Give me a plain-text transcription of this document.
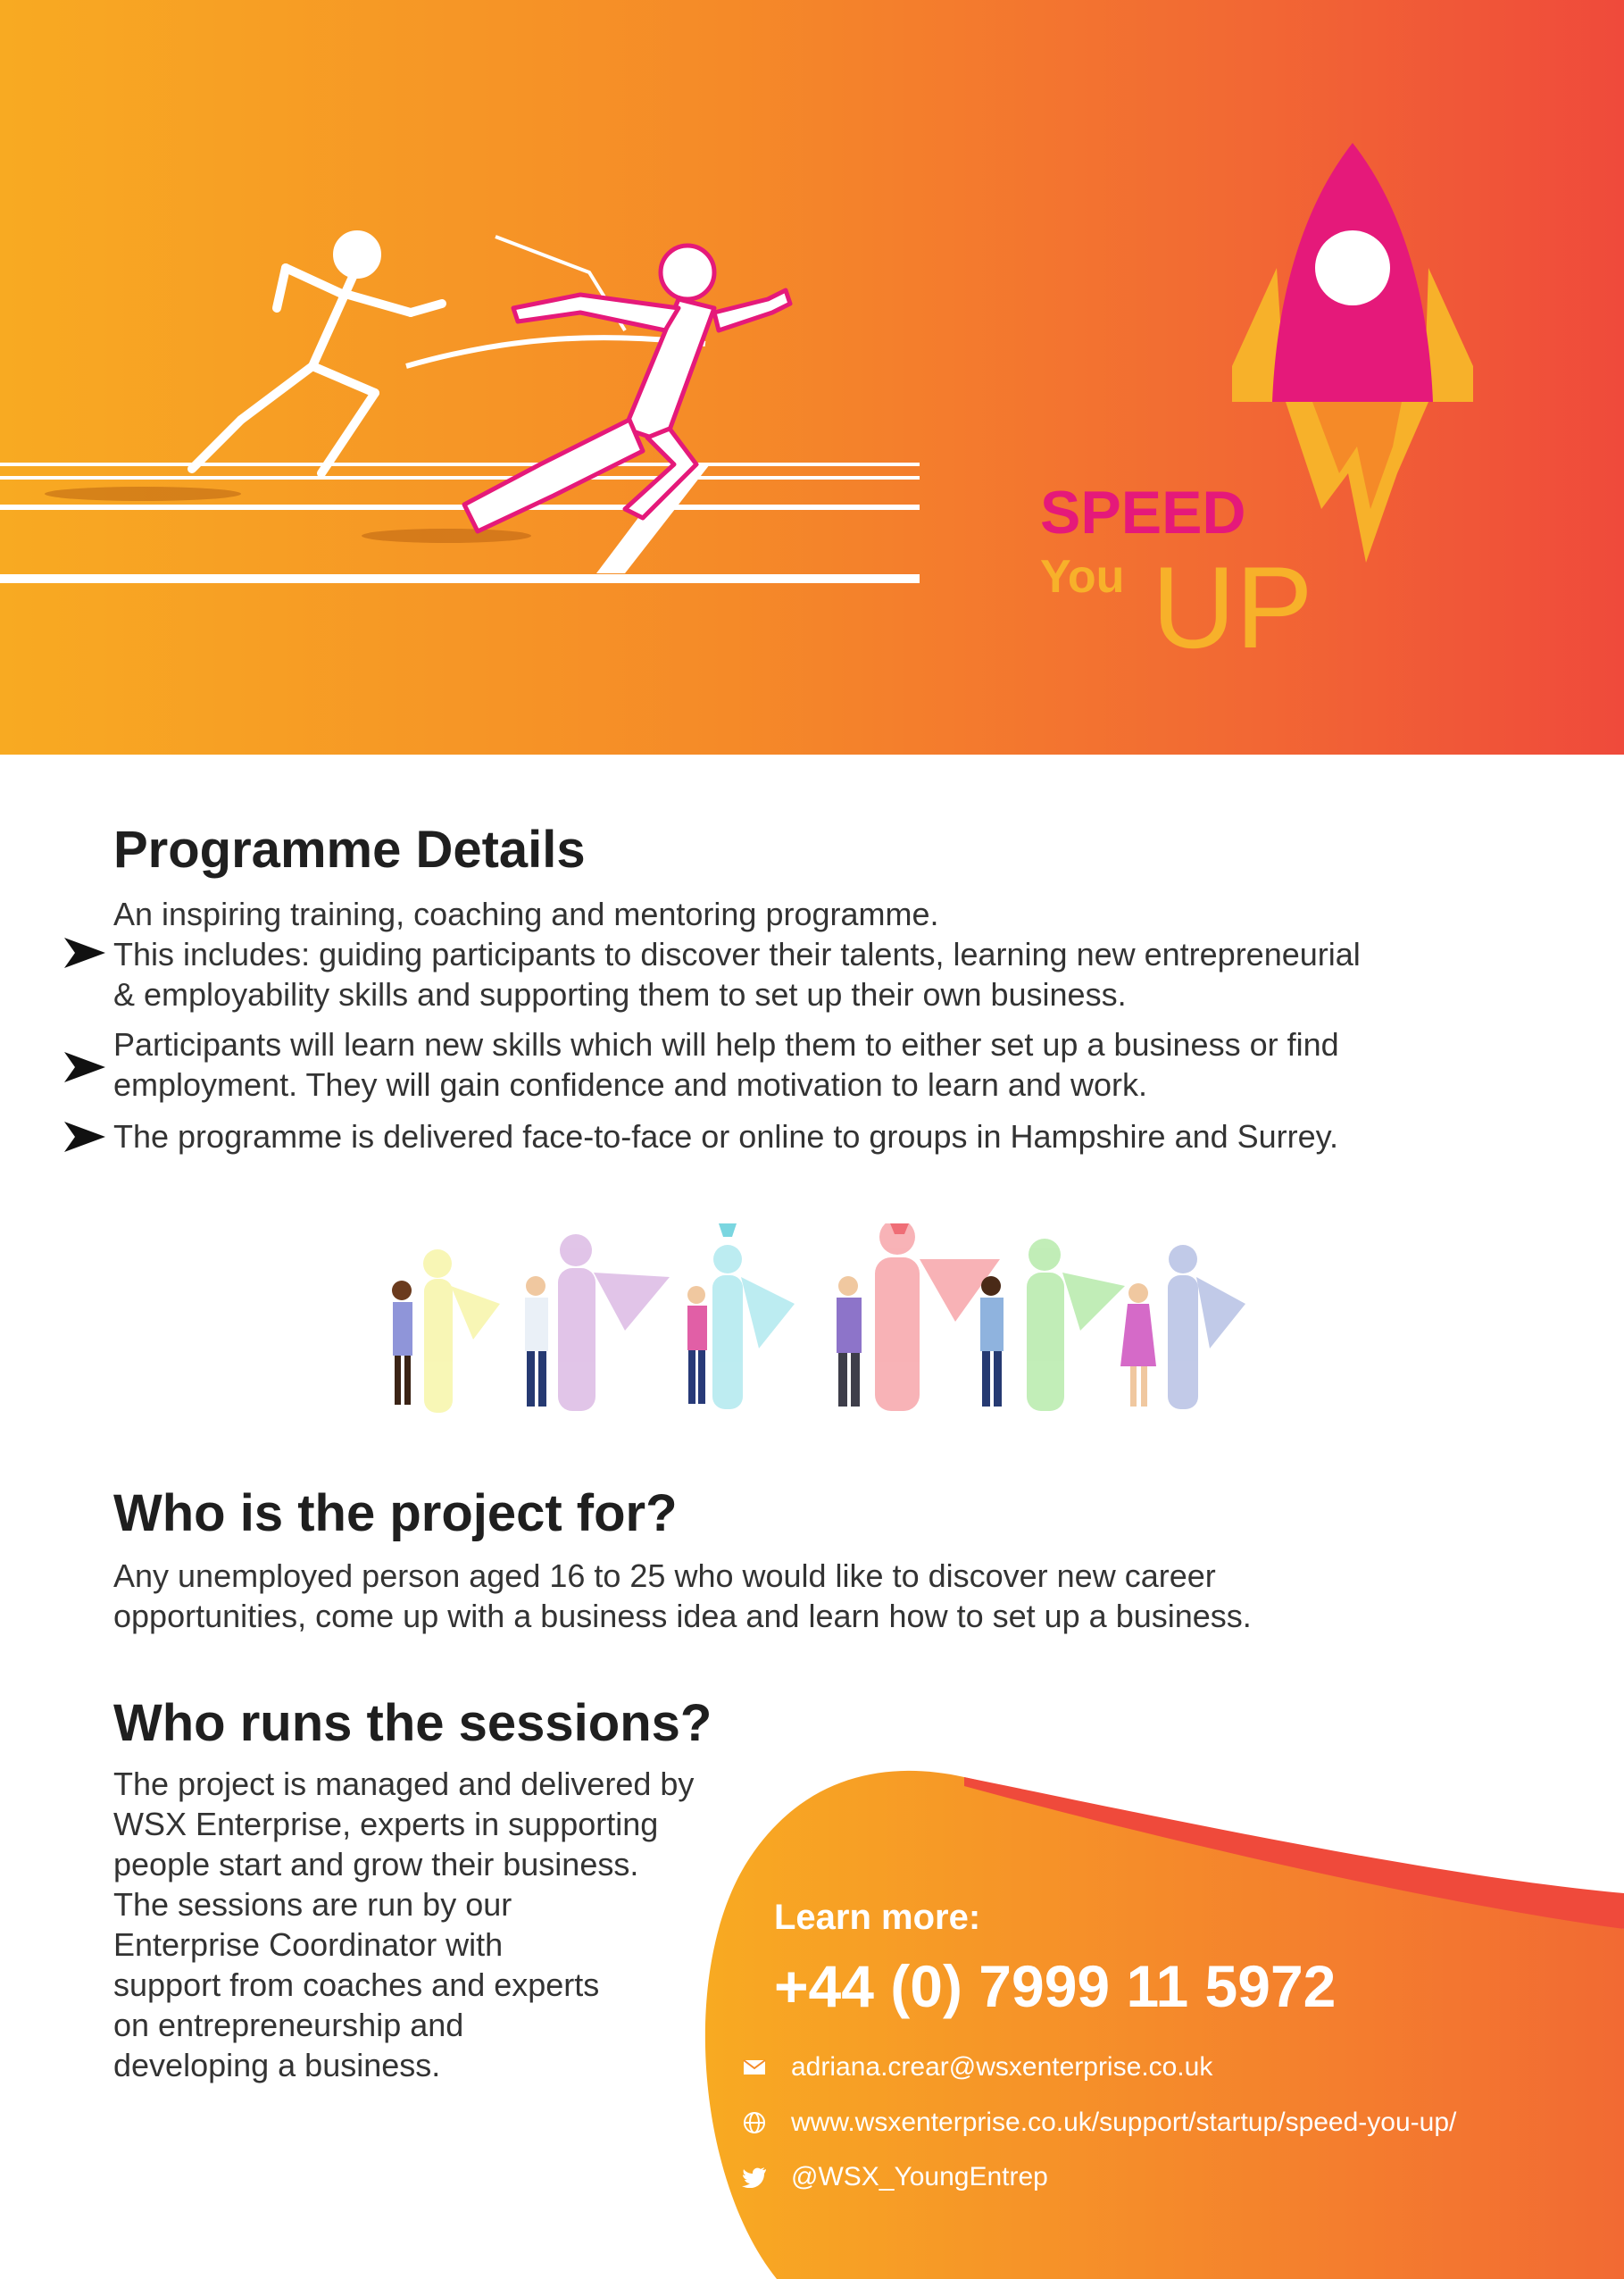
SPEED
You UP
Programme Details

An inspiring training, coaching and mentoring programme.

This includes: guiding participants to discover their talents, learning new entrepreneurial
& employability skills and supporting them to set up their own business.

Participants will learn new skills which will help them to either set up a business or find
employment. They will gain confidence and motivation to learn and work.

The programme is delivered face-to-face or online to groups in Hampshire and Surrey.

Who is the project for?

Any unemployed person aged 16 to 25 who would like to discover new career
opportunities, come up with a business idea and learn how to set up a business.

Who runs the sessions?

The project is managed and delivered by
WSX Enterprise, experts in supporting
people start and grow their business.
The sessions are run by our
Enterprise Coordinator with
support from coaches and experts
on entrepreneurship and
developing a business.

Learn more:
+44 (0) 7999 11 5972
adriana.crear@wsxenterprise.co.uk
www.wsxenterprise.co.uk/support/startup/speed-you-up/
@WSX_YoungEntrep
